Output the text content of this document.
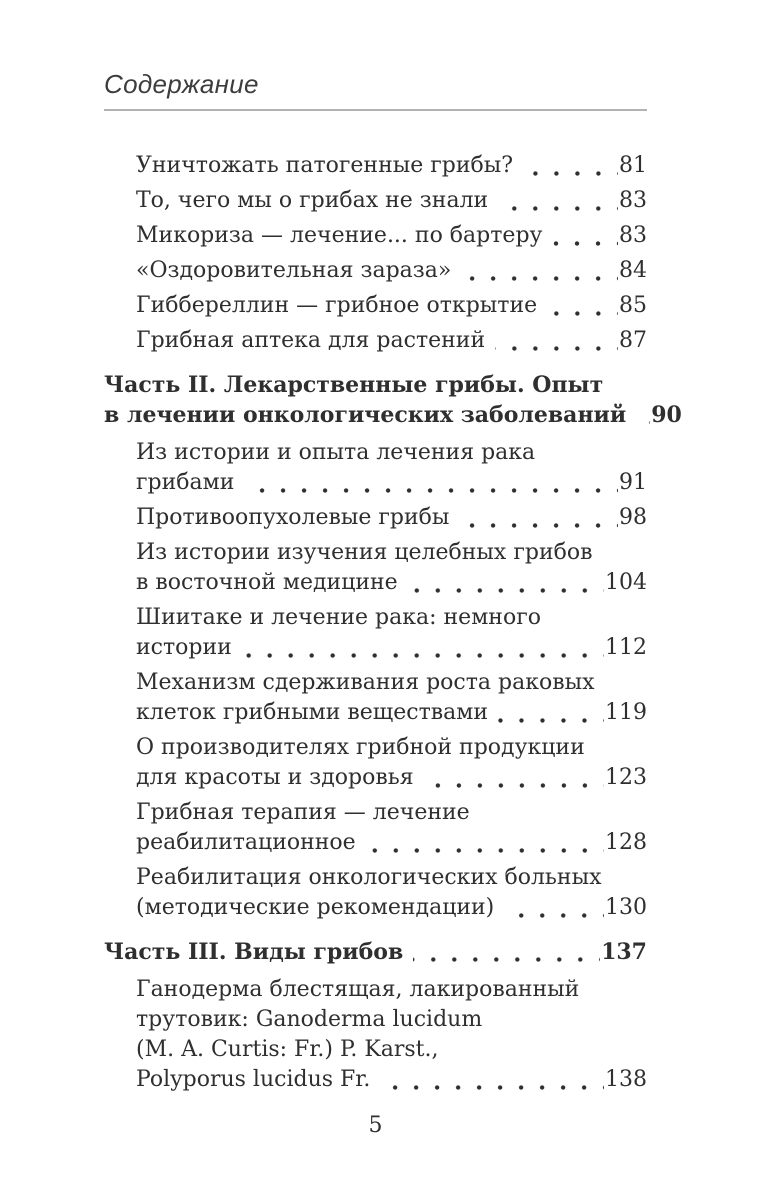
Содержание
Уничтожать патогенные грибы?	81
То, чего мы о грибах не знали	83
Микориза — лечение... по бартеру	83
«Оздоровительная зараза»	84
Гиббереллин — грибное открытие	85
Грибная аптека для растений	87
Часть II. Лекарственные грибы. Опыт
в лечении онкологических заболеваний 90
Из истории и опыта лечения рака
грибами	91
Противоопухолевые грибы	98
Из истории изучения целебных грибов
в восточной медицине	104
Шиитаке и лечение рака: немного
истории	112
Механизм сдерживания роста раковых
клеток грибными веществами	119
О производителях грибной продукции
для красоты и здоровья	123
Грибная терапия — лечение
реабилитационное	128
Реабилитация онкологических больных
(методические рекомендации)	130
Часть III. Виды грибов	137
Ганодерма блестящая, лакированный
трутовик: Ganoderma lucidum
(M. A. Curtis: Fr.) P. Karst.,
Polyporus lucidus Fr.	138
5
